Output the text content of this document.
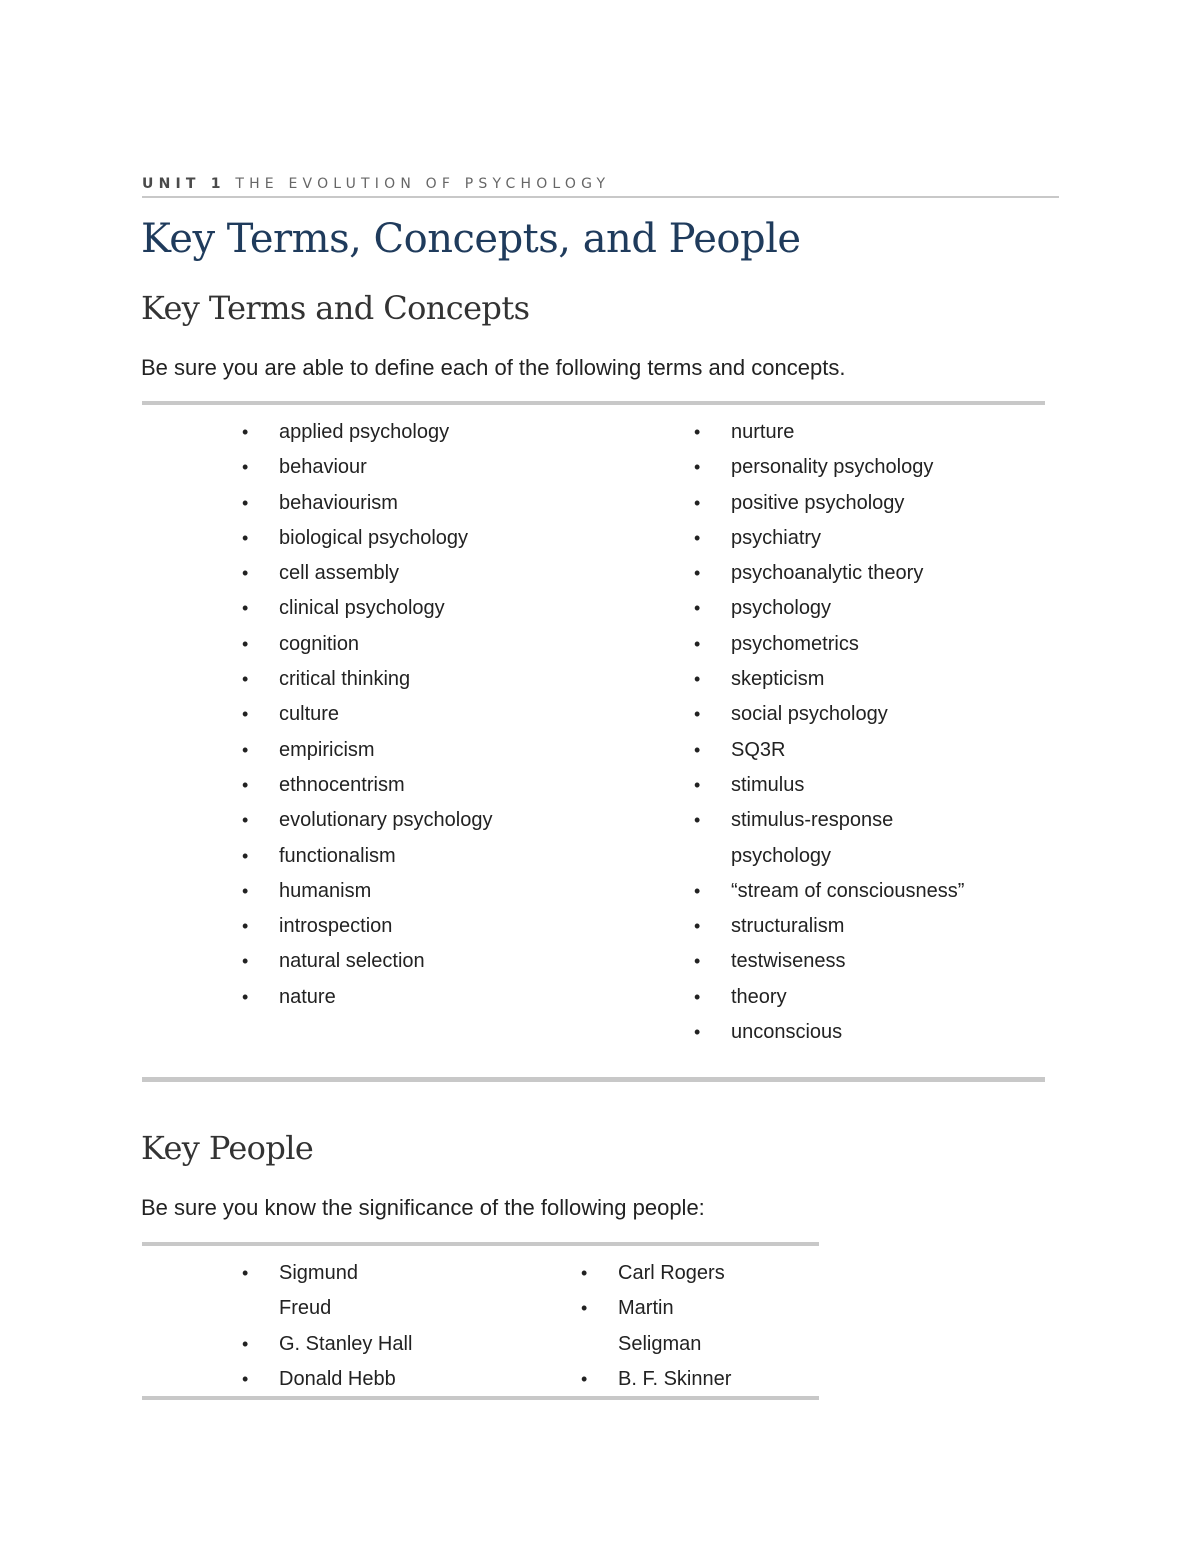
UNIT 1 THE EVOLUTION OF PSYCHOLOGY
Key Terms, Concepts, and People
Key Terms and Concepts

Be sure you are able to define each of the following terms and concepts.

• applied psychology
• behaviour
• behaviourism
• biological psychology
• cell assembly
• clinical psychology
• cognition
• critical thinking
• culture
• empiricism
• ethnocentrism
• evolutionary psychology
• functionalism
• humanism
• introspection
• natural selection
• nature
• nurture
• personality psychology
• positive psychology
• psychiatry
• psychoanalytic theory
• psychology
• psychometrics
• skepticism
• social psychology
• SQ3R
• stimulus
• stimulus-response
psychology
• “stream of consciousness”
• structuralism
• testwiseness
• theory
• unconscious
Key People

Be sure you know the significance of the following people:

• Sigmund
Freud
• G. Stanley Hall
• Donald Hebb
• Carl Rogers
• Martin
Seligman
• B. F. Skinner
